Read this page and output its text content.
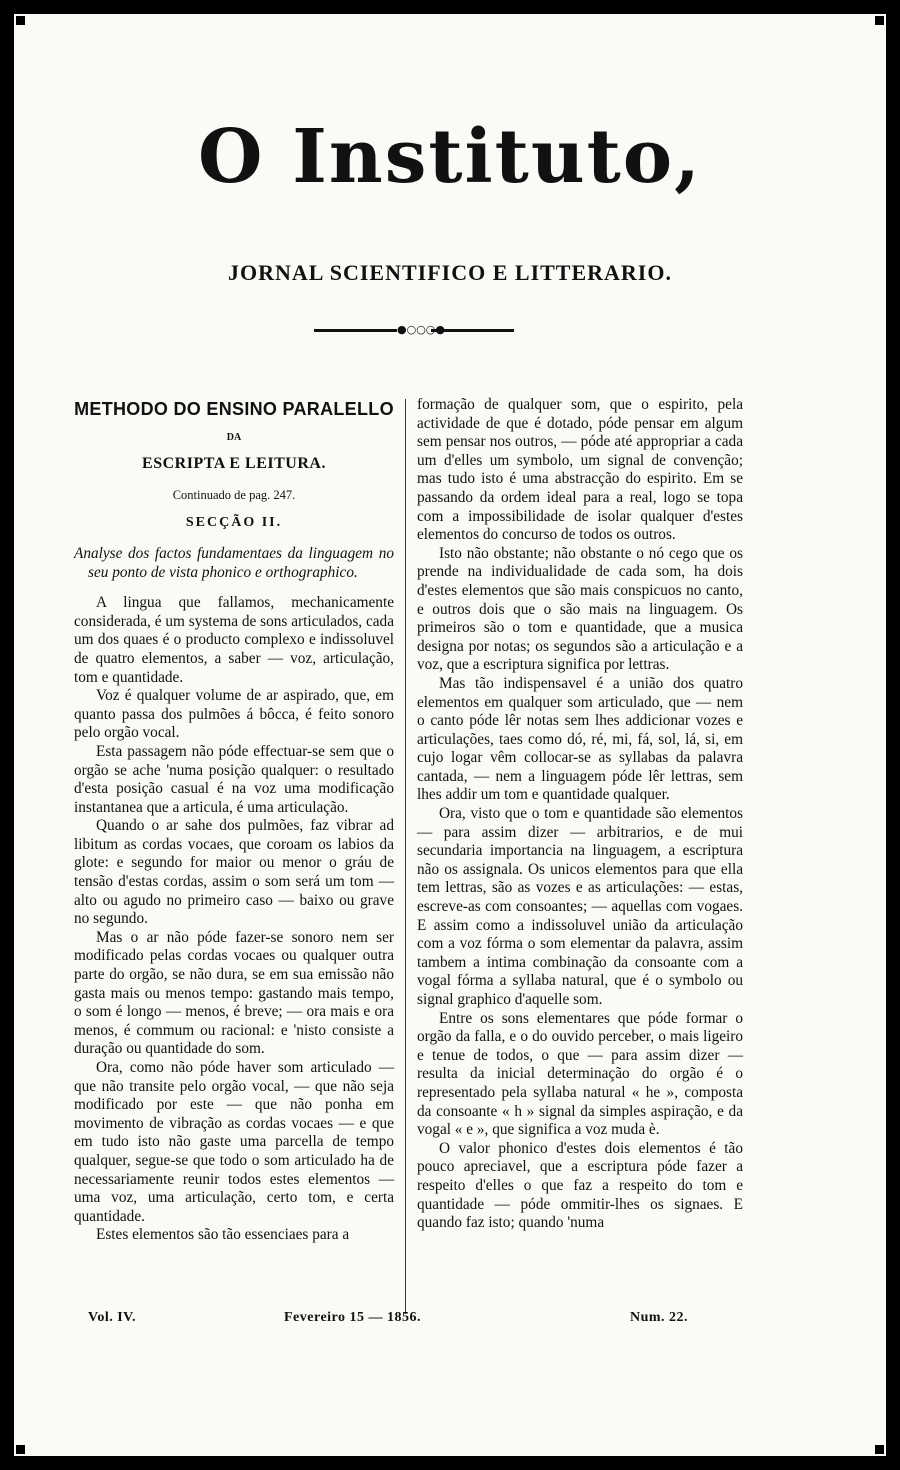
O Instituto,
JORNAL SCIENTIFICO E LITTERARIO.
●○○○●
METHODO DO ENSINO PARALELLO
DA
ESCRIPTA E LEITURA.
Continuado de pag. 247.
SECÇÃO II.
Analyse dos factos fundamentaes da linguagem no seu ponto de vista phonico e orthographico.

A lingua que fallamos, mechanicamente considerada, é um systema de sons articulados, cada um dos quaes é o producto complexo e indissoluvel de quatro elementos, a saber — voz, articulação, tom e quantidade.

Voz é qualquer volume de ar aspirado, que, em quanto passa dos pulmões á bôcca, é feito sonoro pelo orgão vocal.

Esta passagem não póde effectuar-se sem que o orgão se ache 'numa posição qualquer: o resultado d'esta posição casual é na voz uma modificação instantanea que a articula, é uma articulação.

Quando o ar sahe dos pulmões, faz vibrar ad libitum as cordas vocaes, que coroam os labios da glote: e segundo for maior ou menor o gráu de tensão d'estas cordas, assim o som será um tom — alto ou agudo no primeiro caso — baixo ou grave no segundo.

Mas o ar não póde fazer-se sonoro nem ser modificado pelas cordas vocaes ou qualquer outra parte do orgão, se não dura, se em sua emissão não gasta mais ou menos tempo: gastando mais tempo, o som é longo — menos, é breve; — ora mais e ora menos, é commum ou racional: e 'nisto consiste a duração ou quantidade do som.

Ora, como não póde haver som articulado — que não transite pelo orgão vocal, — que não seja modificado por este — que não ponha em movimento de vibração as cordas vocaes — e que em tudo isto não gaste uma parcella de tempo qualquer, segue-se que todo o som articulado ha de necessariamente reunir todos estes elementos — uma voz, uma articulação, certo tom, e certa quantidade.

Estes elementos são tão essenciaes para a

formação de qualquer som, que o espirito, pela actividade de que é dotado, póde pensar em algum sem pensar nos outros, — póde até appropriar a cada um d'elles um symbolo, um signal de convenção; mas tudo isto é uma abstracção do espirito. Em se passando da ordem ideal para a real, logo se topa com a impossibilidade de isolar qualquer d'estes elementos do concurso de todos os outros.

Isto não obstante; não obstante o nó cego que os prende na individualidade de cada som, ha dois d'estes elementos que são mais conspicuos no canto, e outros dois que o são mais na linguagem. Os primeiros são o tom e quantidade, que a musica designa por notas; os segundos são a articulação e a voz, que a escriptura significa por lettras.

Mas tão indispensavel é a união dos quatro elementos em qualquer som articulado, que — nem o canto póde lêr notas sem lhes addicionar vozes e articulações, taes como dó, ré, mi, fá, sol, lá, si, em cujo logar vêm collocar-se as syllabas da palavra cantada, — nem a linguagem póde lêr lettras, sem lhes addir um tom e quantidade qualquer.

Ora, visto que o tom e quantidade são elementos — para assim dizer — arbitrarios, e de mui secundaria importancia na linguagem, a escriptura não os assignala. Os unicos elementos para que ella tem lettras, são as vozes e as articulações: — estas, escreve-as com consoantes; — aquellas com vogaes. E assim como a indissoluvel união da articulação com a voz fórma o som elementar da palavra, assim tambem a intima combinação da consoante com a vogal fórma a syllaba natural, que é o symbolo ou signal graphico d'aquelle som.

Entre os sons elementares que póde formar o orgão da falla, e o do ouvido perceber, o mais ligeiro e tenue de todos, o que — para assim dizer — resulta da inicial determinação do orgão é o representado pela syllaba natural « he », composta da consoante « h » signal da simples aspiração, e da vogal « e », que significa a voz muda è.

O valor phonico d'estes dois elementos é tão pouco apreciavel, que a escriptura póde fazer a respeito d'elles o que faz a respeito do tom e quantidade — póde ommitir-lhes os signaes. E quando faz isto; quando 'numa

Vol. IV.	Fevereiro 15 — 1856.	Num. 22.
